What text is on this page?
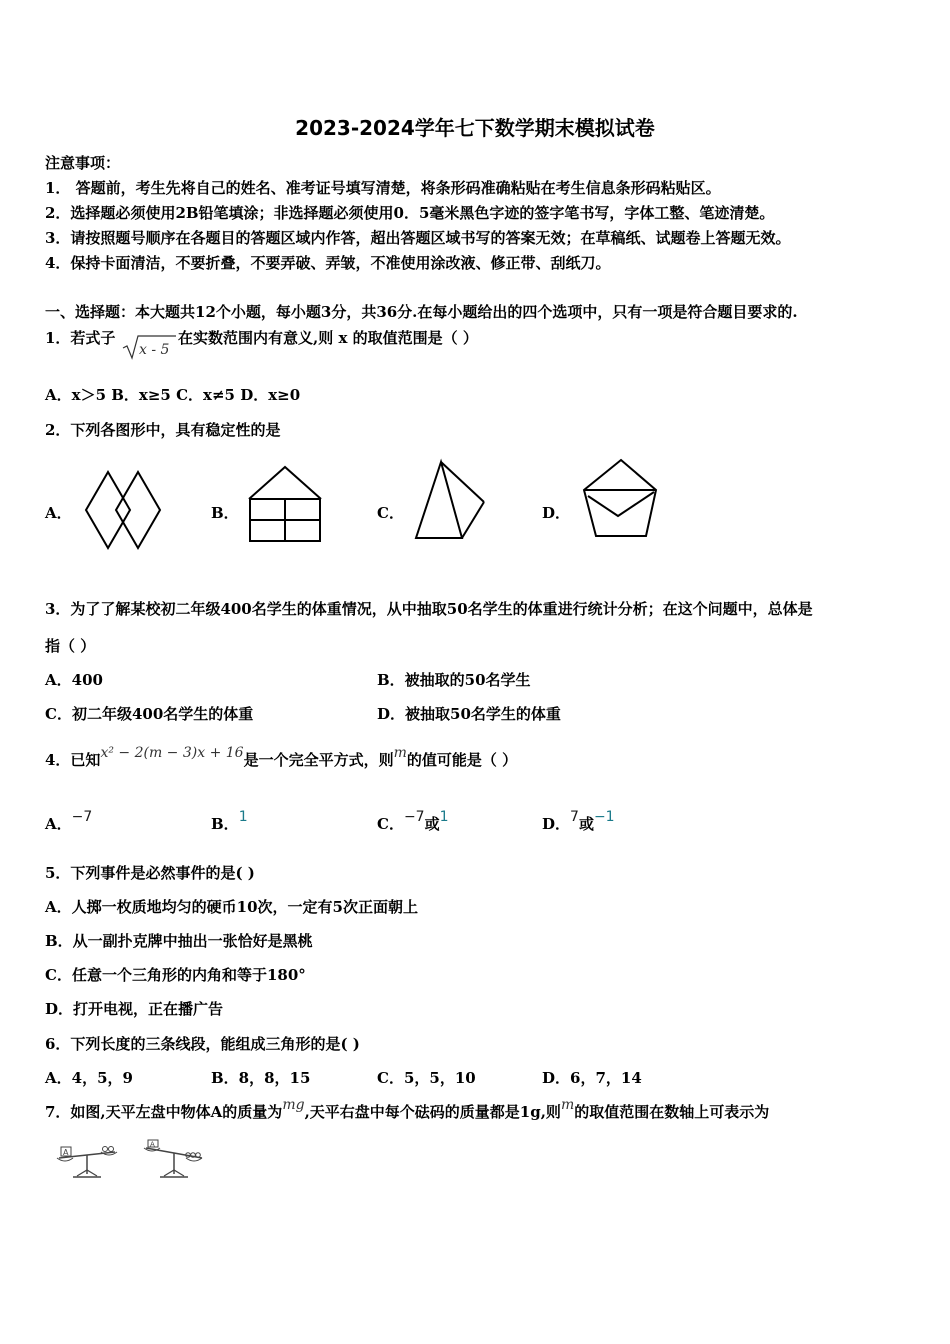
2023-2024学年七下数学期末模拟试卷
注意事项：
1． 答题前，考生先将自己的姓名、准考证号填写清楚，将条形码准确粘贴在考生信息条形码粘贴区。
2．选择题必须使用2B铅笔填涂；非选择题必须使用0．5毫米黑色字迹的签字笔书写，字体工整、笔迹清楚。
3．请按照题号顺序在各题目的答题区域内作答，超出答题区域书写的答案无效；在草稿纸、试题卷上答题无效。
4．保持卡面清洁，不要折叠，不要弄破、弄皱，不准使用涂改液、修正带、刮纸刀。
一、选择题：本大题共12个小题，每小题3分，共36分.在每小题给出的四个选项中，只有一项是符合题目要求的.
1．若式子
x - 5
在实数范围内有意义,则 x 的取值范围是（ ）
A．x＞5 B．x≥5 C．x≠5 D．x≥0
2．下列各图形中，具有稳定性的是
A．	B．	C．	D．
3．为了了解某校初二年级400名学生的体重情况，从中抽取50名学生的体重进行统计分析；在这个问题中，总体是
指（ ）
A．400	B．被抽取的50名学生
C．初二年级400名学生的体重	D．被抽取50名学生的体重
4．已知x² − 2(m − 3)x + 16是一个完全平方式，则m的值可能是（ ）
A．−7	B．1	C．−7或1	D．7或−1
5．下列事件是必然事件的是( )
A．人掷一枚质地均匀的硬币10次，一定有5次正面朝上
B．从一副扑克牌中抽出一张恰好是黑桃
C．任意一个三角形的内角和等于180°
D．打开电视，正在播广告
6．下列长度的三条线段，能组成三角形的是( )
A．4，5，9	B．8，8，15	C．5，5，10	D．6，7，14
7．如图,天平左盘中物体A的质量为mg,天平右盘中每个砝码的质量都是1g,则m的取值范围在数轴上可表示为
A
A
